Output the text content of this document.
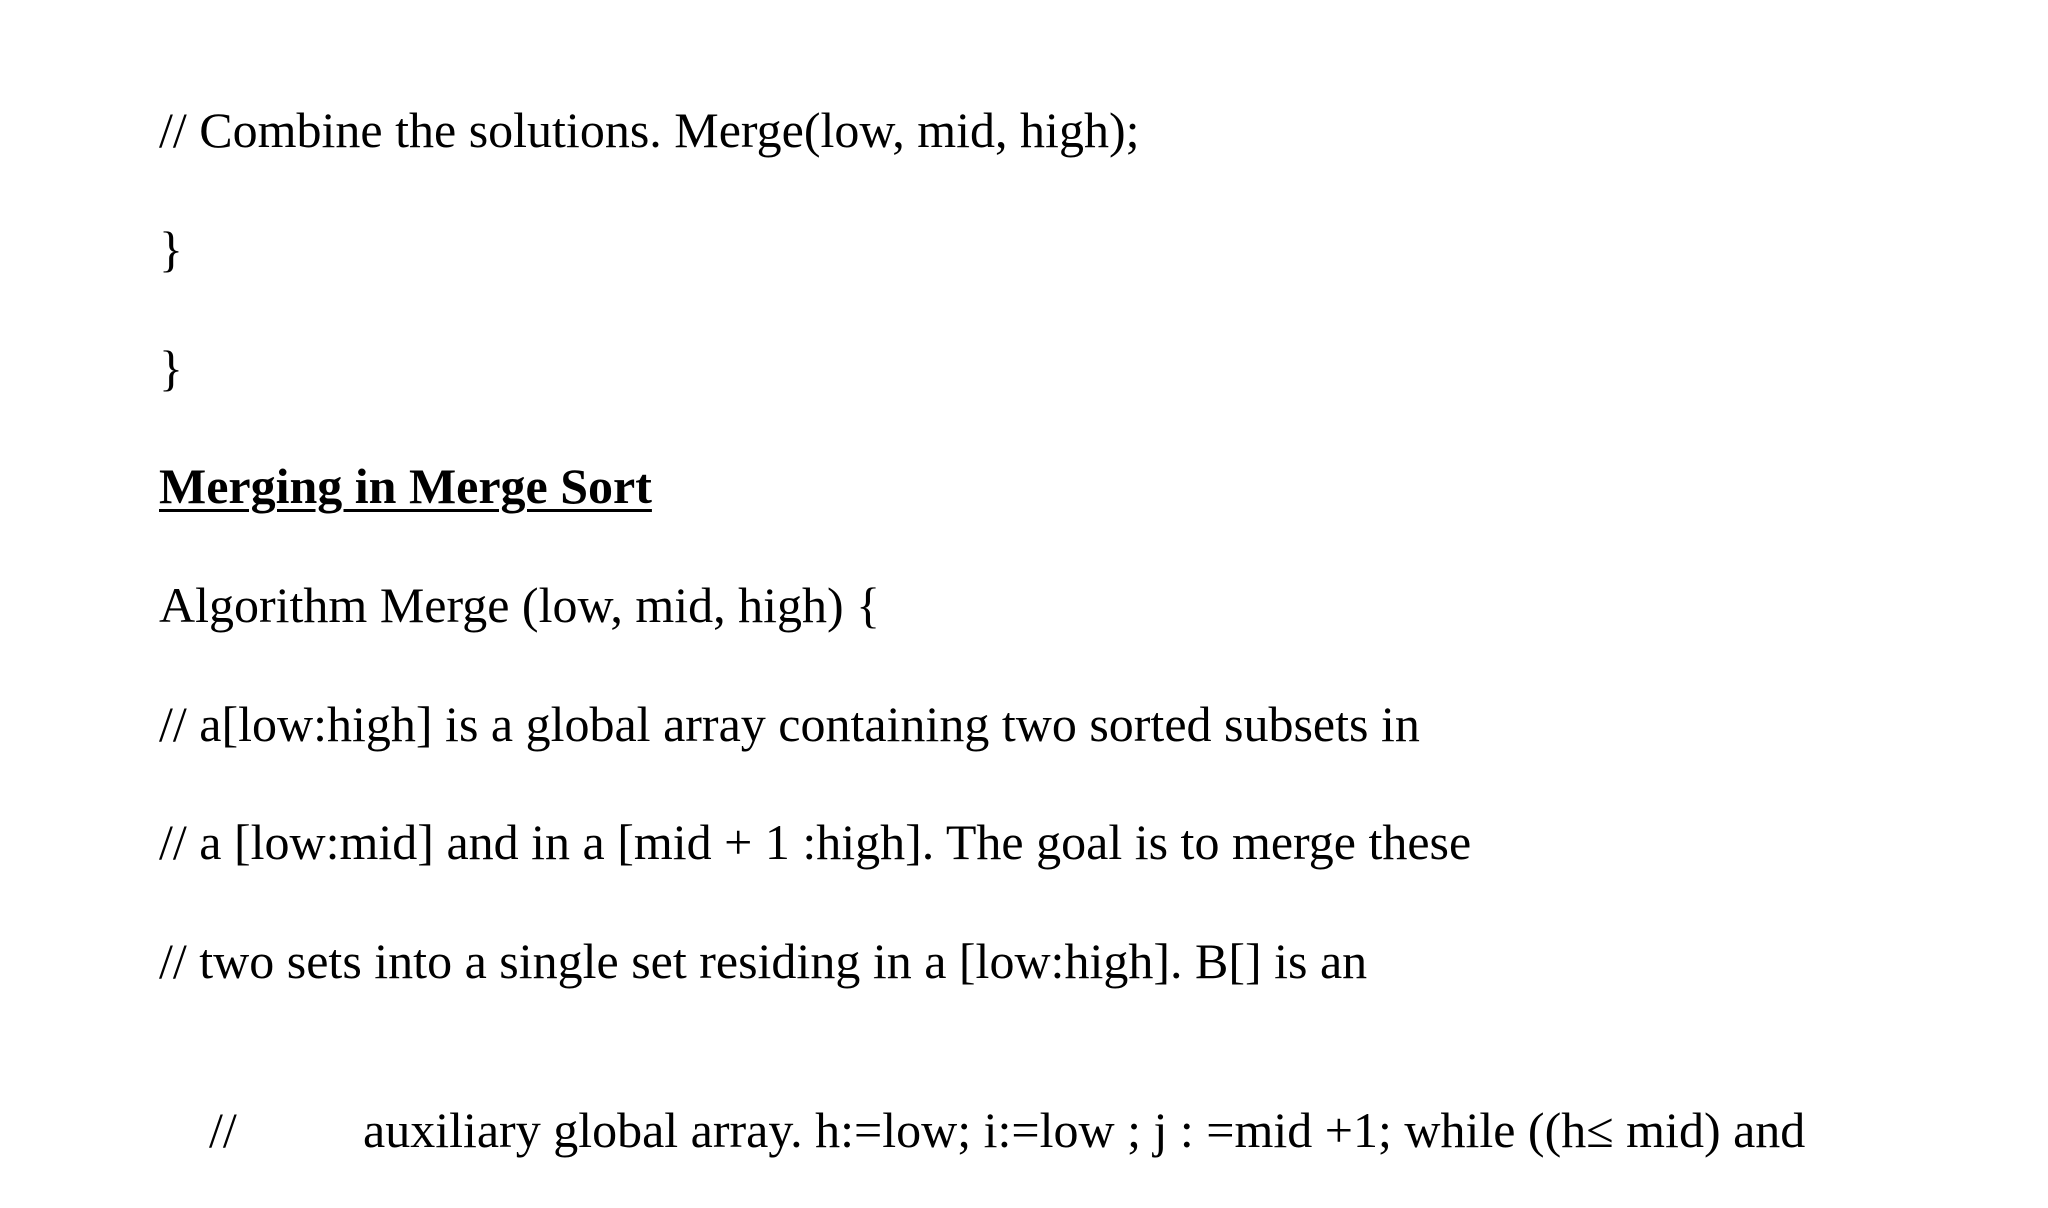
// Combine the solutions. Merge(low, mid, high);
}
}
Merging in Merge Sort
Algorithm Merge (low, mid, high) {
// a[low:high] is a global array containing two sorted subsets in
// a [low:mid] and in a [mid + 1 :high]. The goal is to merge these
// two sets into a single set residing in a [low:high]. B[] is an

//	auxiliary global array. h:=low; i:=low ; j : =mid +1; while ((h≤ mid) and
